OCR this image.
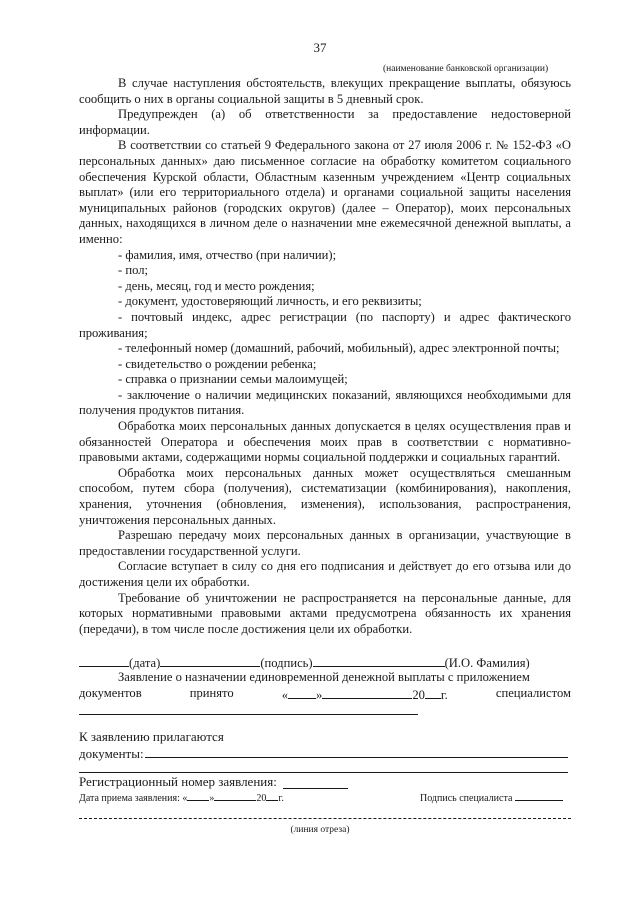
37
(наименование банковской организации)

В случае наступления обстоятельств, влекущих прекращение выплаты, обязуюсь сообщить о них в органы социальной защиты в 5 дневный срок.

Предупрежден (а) об ответственности за предоставление недостоверной информации.

В соответствии со статьей 9 Федерального закона от 27 июля 2006 г. № 152-ФЗ «О персональных данных» даю письменное согласие на обработку комитетом социального обеспечения Курской области, Областным казенным учреждением «Центр социальных выплат» (или его территориального отдела) и органами социальной защиты населения муниципальных районов (городских округов) (далее – Оператор), моих персональных данных, находящихся в личном деле о назначении мне ежемесячной денежной выплаты, а именно:

- фамилия, имя, отчество (при наличии);

- пол;

- день, месяц, год и место рождения;

- документ, удостоверяющий личность, и его реквизиты;

- почтовый индекс, адрес регистрации (по паспорту) и адрес фактического проживания;

- телефонный номер (домашний, рабочий, мобильный), адрес электронной почты;

- свидетельство о рождении ребенка;

- справка о признании семьи малоимущей;

- заключение о наличии медицинских показаний, являющихся необходимыми для получения продуктов питания.

Обработка моих персональных данных допускается в целях осуществления прав и обязанностей Оператора и обеспечения моих прав в соответствии с нормативно-правовыми актами, содержащими нормы социальной поддержки и социальных гарантий.

Обработка моих персональных данных может осуществляться смешанным способом, путем сбора (получения), систематизации (комбинирования), накопления, хранения, уточнения (обновления, изменения), использования, распространения, уничтожения персональных данных.

Разрешаю передачу моих персональных данных в организации, участвующие в предоставлении государственной услуги.

Согласие вступает в силу со дня его подписания и действует до его отзыва или до достижения цели их обработки.

Требование об уничтожении не распространяется на персональные данные, для которых нормативными правовыми актами предусмотрена обязанность их хранения (передачи), в том числе после достижения цели их обработки.

(дата)	(подпись)	(И.О. Фамилия)
Заявление о назначении единовременной денежной выплаты с приложением
документов	принято	« »	20 г.	специалистом
К заявлению прилагаются
документы:
Регистрационный номер заявления:
Дата приема заявления: « »	20 г.	Подпись специалиста
(линия отреза)
